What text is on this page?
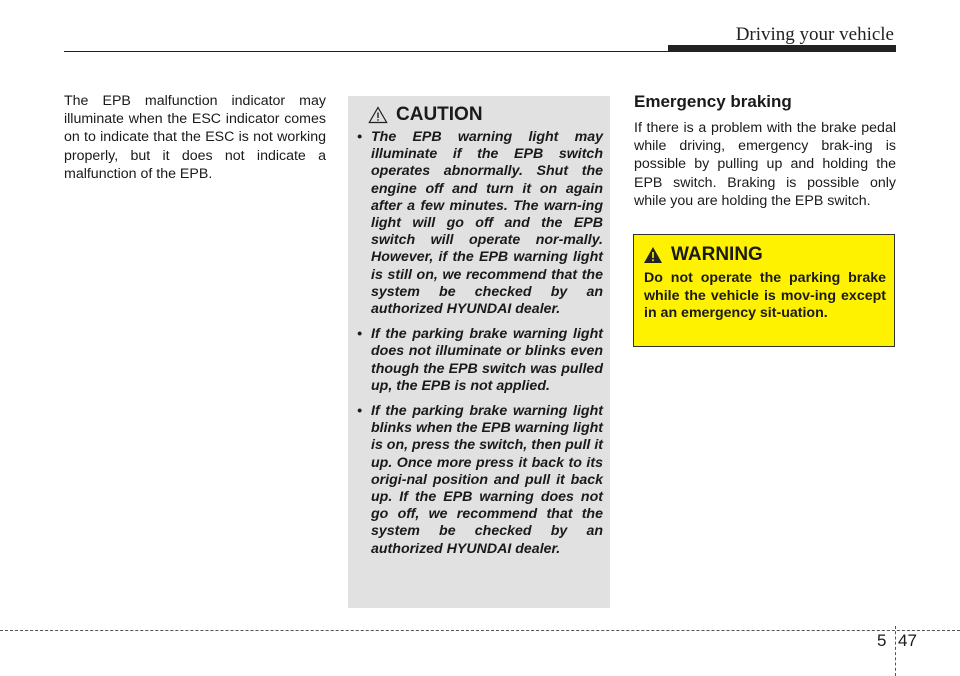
Driving your vehicle

The EPB malfunction indicator may illuminate when the ESC indicator comes on to indicate that the ESC is not working properly, but it does not indicate a malfunction of the EPB.

CAUTION
• The EPB warning light may illuminate if the EPB switch operates abnormally. Shut the engine off and turn it on again after a few minutes. The warn-ing light will go off and the EPB switch will operate nor-mally. However, if the EPB warning light is still on, we recommend that the system be checked by an authorized HYUNDAI dealer.
• If the parking brake warning light does not illuminate or blinks even though the EPB switch was pulled up, the EPB is not applied.
• If the parking brake warning light blinks when the EPB warning light is on, press the switch, then pull it up. Once more press it back to its origi-nal position and pull it back up. If the EPB warning does not go off, we recommend that the system be checked by an authorized HYUNDAI dealer.
Emergency braking

If there is a problem with the brake pedal while driving, emergency brak-ing is possible by pulling up and holding the EPB switch. Braking is possible only while you are holding the EPB switch.

WARNING
Do not operate the parking brake while the vehicle is mov-ing except in an emergency sit-uation.
5 47
